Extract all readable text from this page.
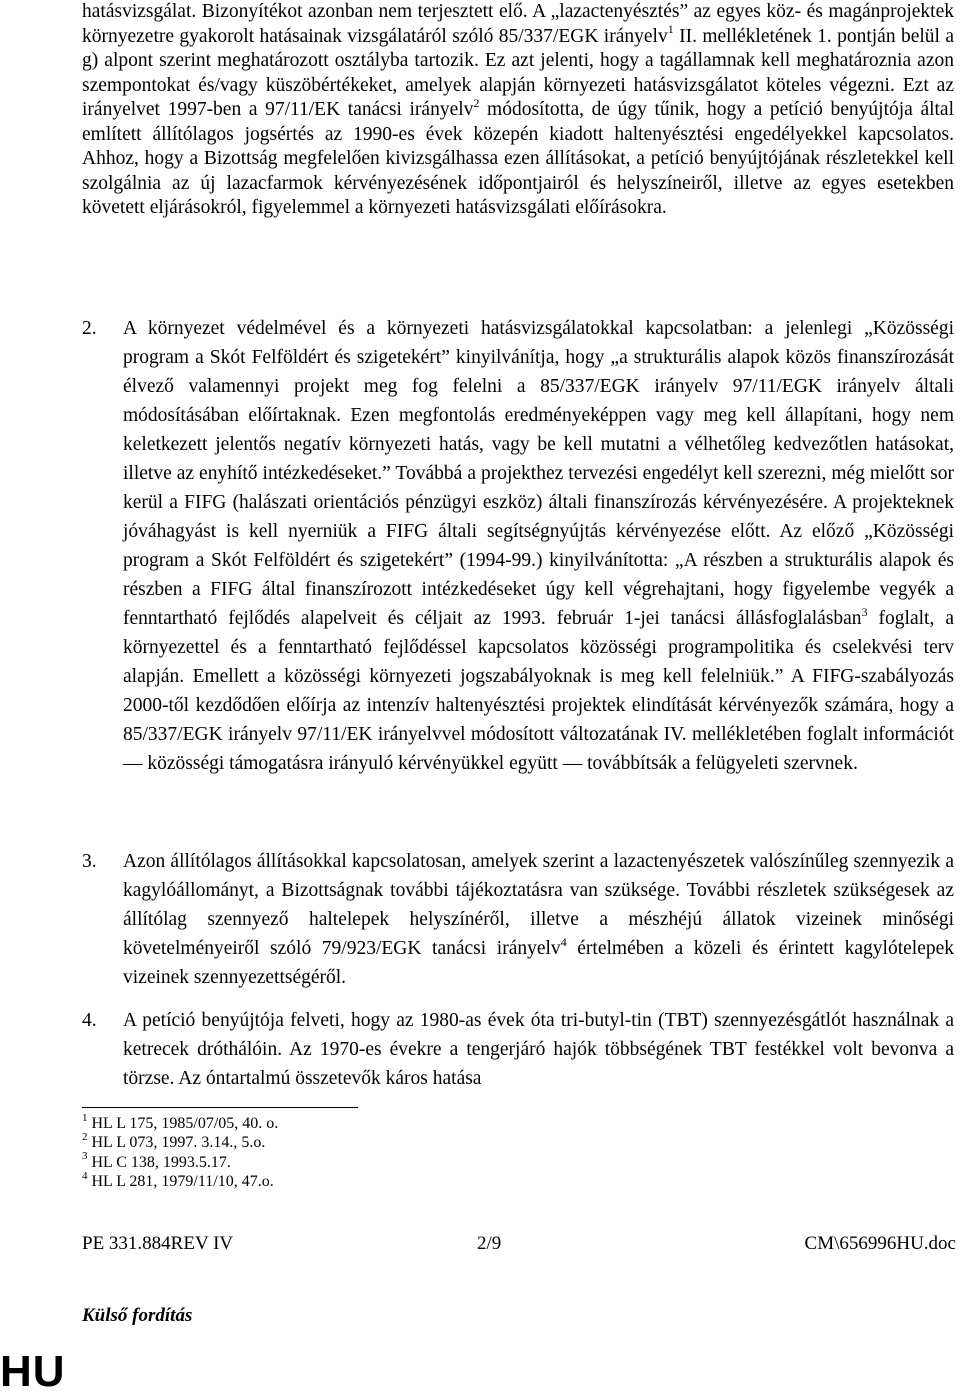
hatásvizsgálat. Bizonyítékot azonban nem terjesztett elő. A „lazactenyésztés” az egyes köz- és magánprojektek környezetre gyakorolt hatásainak vizsgálatáról szóló 85/337/EGK irányelv$^1$ II. mellékletének 1. pontján belül a g) alpont szerint meghatározott osztályba tartozik. Ez azt jelenti, hogy a tagállamnak kell meghatároznia azon szempontokat és/vagy küszöbértékeket, amelyek alapján környezeti hatásvizsgálatot köteles végezni. Ezt az irányelvet 1997-ben a 97/11/EK tanácsi irányelv$^2$ módosította, de úgy tűnik, hogy a petíció benyújtója által említett állítólagos jogsértés az 1990-es évek közepén kiadott haltenyésztési engedélyekkel kapcsolatos. Ahhoz, hogy a Bizottság megfelelően kivizsgálhassa ezen állításokat, a petíció benyújtójának részletekkel kell szolgálnia az új lazacfarmok kérvényezésének időpontjairól és helyszíneiről, illetve az egyes esetekben követett eljárásokról, figyelemmel a környezeti hatásvizsgálati előírásokra.

2. A környezet védelmével és a környezeti hatásvizsgálatokkal kapcsolatban: a jelenlegi „Közösségi program a Skót Felföldért és szigetekért” kinyilvánítja, hogy „a strukturális alapok közös finanszírozását élvező valamennyi projekt meg fog felelni a 85/337/EGK irányelv 97/11/EGK irányelv általi módosításában előírtaknak. Ezen megfontolás eredményeképpen vagy meg kell állapítani, hogy nem keletkezett jelentős negatív környezeti hatás, vagy be kell mutatni a vélhetőleg kedvezőtlen hatásokat, illetve az enyhítő intézkedéseket.” Továbbá a projekthez tervezési engedélyt kell szerezni, még mielőtt sor kerül a FIFG (halászati orientációs pénzügyi eszköz) általi finanszírozás kérvényezésére. A projekteknek jóváhagyást is kell nyerniük a FIFG általi segítségnyújtás kérvényezése előtt. Az előző „Közösségi program a Skót Felföldért és szigetekért” (1994-99.) kinyilvánította: „A részben a strukturális alapok és részben a FIFG által finanszírozott intézkedéseket úgy kell végrehajtani, hogy figyelembe vegyék a fenntartható fejlődés alapelveit és céljait az 1993. február 1-jei tanácsi állásfoglalásban$^3$ foglalt, a környezettel és a fenntartható fejlődéssel kapcsolatos közösségi programpolitika és cselekvési terv alapján. Emellett a közösségi környezeti jogszabályoknak is meg kell felelniük.” A FIFG-szabályozás 2000-től kezdődően előírja az intenzív haltenyésztési projektek elindítását kérvényezők számára, hogy a 85/337/EGK irányelv 97/11/EK irányelvvel módosított változatának IV. mellékletében foglalt információt ― közösségi támogatásra irányuló kérvényükkel együtt ― továbbítsák a felügyeleti szervnek.

3. Azon állítólagos állításokkal kapcsolatosan, amelyek szerint a lazactenyészetek valószínűleg szennyezik a kagylóállományt, a Bizottságnak további tájékoztatásra van szüksége. További részletek szükségesek az állítólag szennyező haltelepek helyszínéről, illetve a mészhéjú állatok vizeinek minőségi követelményeiről szóló 79/923/EGK tanácsi irányelv$^4$ értelmében a közeli és érintett kagylótelepek vizeinek szennyezettségéről.

4. A petíció benyújtója felveti, hogy az 1980-as évek óta tri-butyl-tin (TBT) szennyezésgátlót használnak a ketrecek dróthálóin. Az 1970-es évekre a tengerjáró hajók többségének TBT festékkel volt bevonva a törzse. Az óntartalmú összetevők káros hatása

$^1$ HL L 175, 1985/07/05, 40. o.
$^2$ HL L 073, 1997. 3.14., 5.o.
$^3$ HL C 138, 1993.5.17.
$^4$ HL L 281, 1979/11/10, 47.o.
PE 331.884REV IV	2/9	CM\656996HU.doc
Külső fordítás
HU
